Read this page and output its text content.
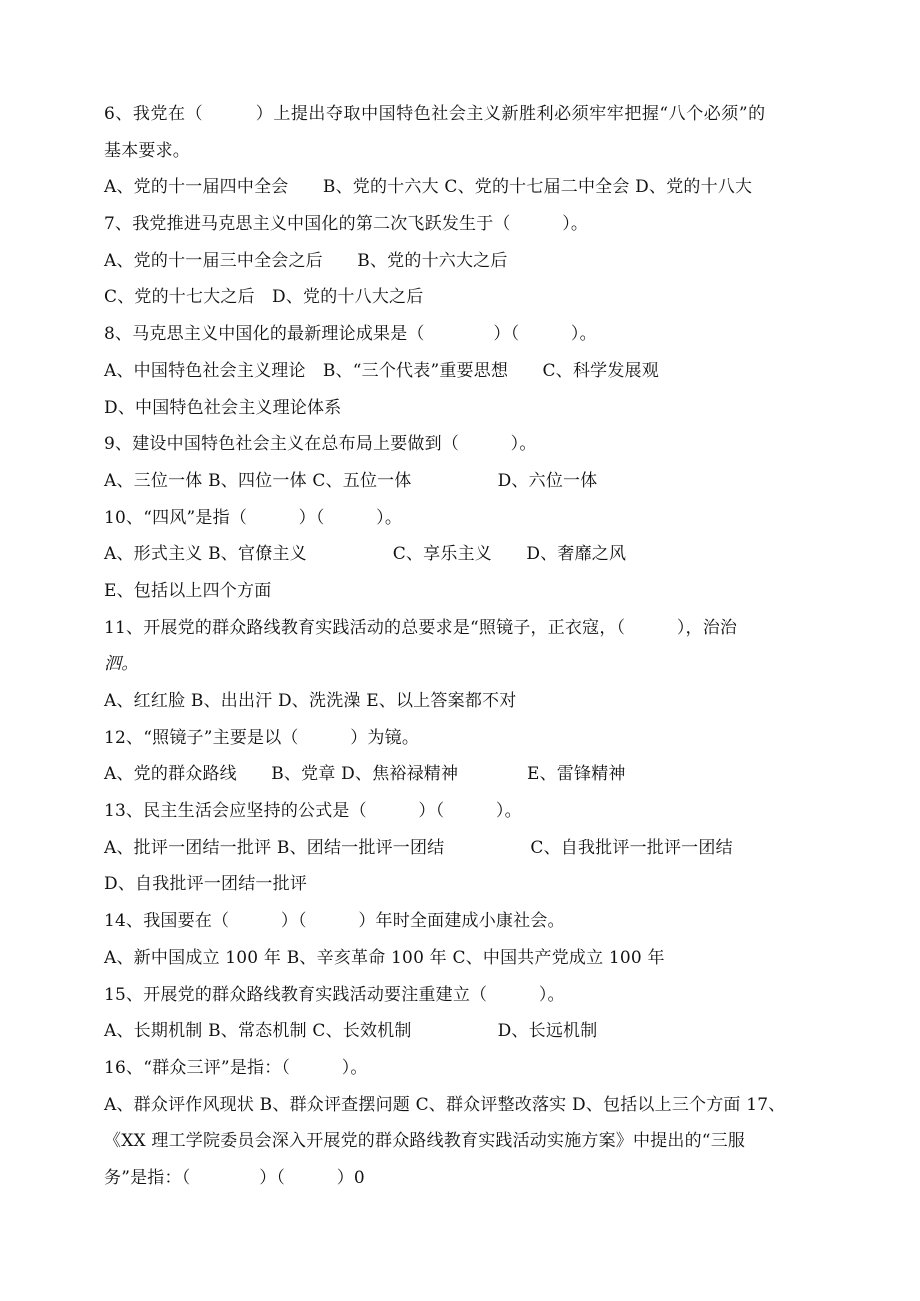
6、我党在（　　　）上提出夺取中国特色社会主义新胜利必须牢牢把握“八个必须”的
基本要求。
A、党的十一届四中全会　　B、党的十六大 C、党的十七届二中全会 D、党的十八大
7、我党推进马克思主义中国化的第二次飞跃发生于（　　　）。
A、党的十一届三中全会之后　　B、党的十六大之后
C、党的十七大之后　D、党的十八大之后
8、马克思主义中国化的最新理论成果是（　　　　）（　　　）。
A、中国特色社会主义理论　B、“三个代表”重要思想　　C、科学发展观
D、中国特色社会主义理论体系
9、建设中国特色社会主义在总布局上要做到（　　　）。
A、三位一体 B、四位一体 C、五位一体　　　　　D、六位一体
10、“四风”是指（　　　）（　　　）。
A、形式主义 B、官僚主义　　　　　C、享乐主义　　D、奢靡之风
E、包括以上四个方面
11、开展党的群众路线教育实践活动的总要求是“照镜子，正衣寇，（　　　），治治
泗。
A、红红脸 B、出出汗 D、洗洗澡 E、以上答案都不对
12、“照镜子”主要是以（　　　）为镜。
A、党的群众路线　　B、党章 D、焦裕禄精神　　　　E、雷锋精神
13、民主生活会应坚持的公式是（　　　）（　　　）。
A、批评一团结一批评 B、团结一批评一团结　　　　　C、自我批评一批评一团结
D、自我批评一团结一批评
14、我国要在（　　　）（　　　）年时全面建成小康社会。
A、新中国成立 100 年 B、辛亥革命 100 年 C、中国共产党成立 100 年
15、开展党的群众路线教育实践活动要注重建立（　　　）。
A、长期机制 B、常态机制 C、长效机制　　　　　D、长远机制
16、“群众三评”是指：（　　　）。
A、群众评作风现状 B、群众评查摆问题 C、群众评整改落实 D、包括以上三个方面 17、
《XX 理工学院委员会深入开展党的群众路线教育实践活动实施方案》中提出的“三服
务”是指：（　　　　）（　　　）0
